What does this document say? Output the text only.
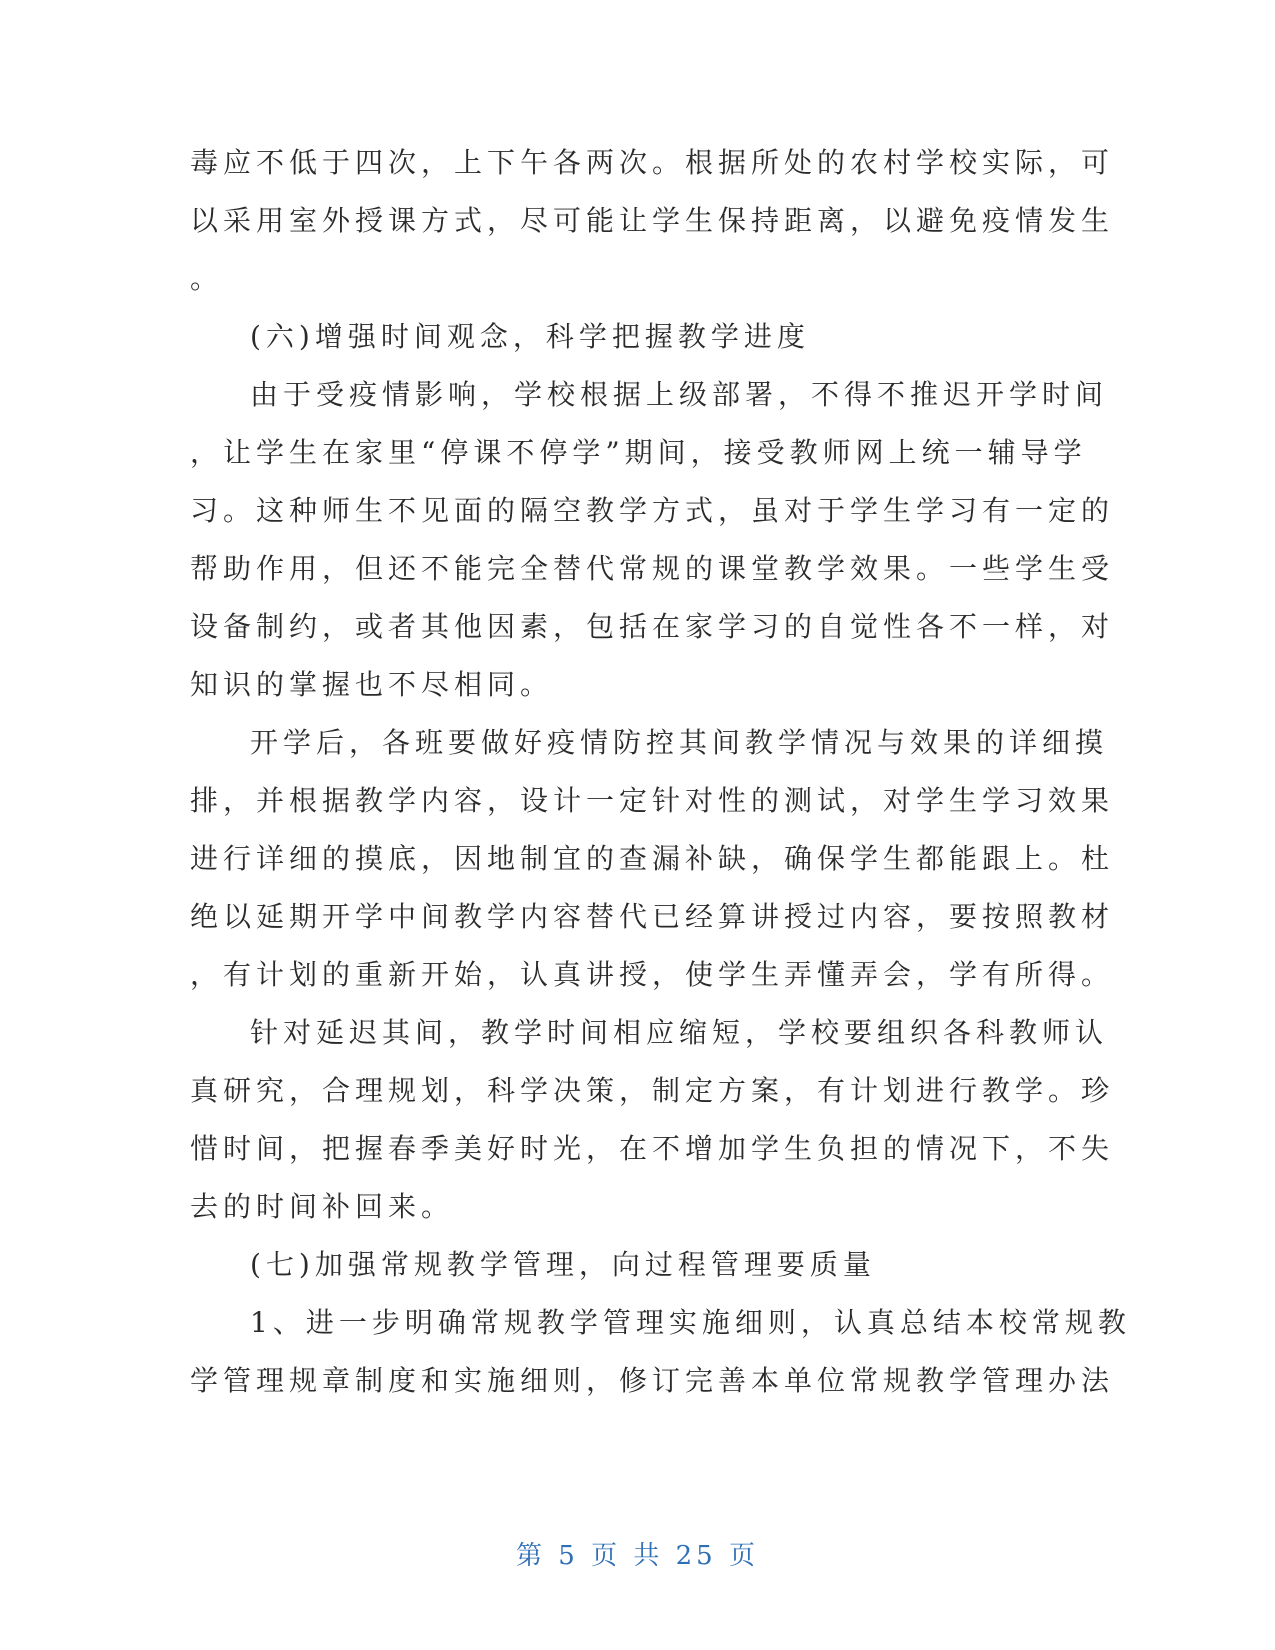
毒应不低于四次，上下午各两次。根据所处的农村学校实际，可
以采用室外授课方式，尽可能让学生保持距离，以避免疫情发生
。
(六)增强时间观念，科学把握教学进度
由于受疫情影响，学校根据上级部署，不得不推迟开学时间
，让学生在家里“停课不停学”期间，接受教师网上统一辅导学
习。这种师生不见面的隔空教学方式，虽对于学生学习有一定的
帮助作用，但还不能完全替代常规的课堂教学效果。一些学生受
设备制约，或者其他因素，包括在家学习的自觉性各不一样，对
知识的掌握也不尽相同。
开学后，各班要做好疫情防控其间教学情况与效果的详细摸
排，并根据教学内容，设计一定针对性的测试，对学生学习效果
进行详细的摸底，因地制宜的查漏补缺，确保学生都能跟上。杜
绝以延期开学中间教学内容替代已经算讲授过内容，要按照教材
，有计划的重新开始，认真讲授，使学生弄懂弄会，学有所得。
针对延迟其间，教学时间相应缩短，学校要组织各科教师认
真研究，合理规划，科学决策，制定方案，有计划进行教学。珍
惜时间，把握春季美好时光，在不增加学生负担的情况下，不失
去的时间补回来。
(七)加强常规教学管理，向过程管理要质量
1、进一步明确常规教学管理实施细则，认真总结本校常规教
学管理规章制度和实施细则，修订完善本单位常规教学管理办法
第 5 页 共 25 页
